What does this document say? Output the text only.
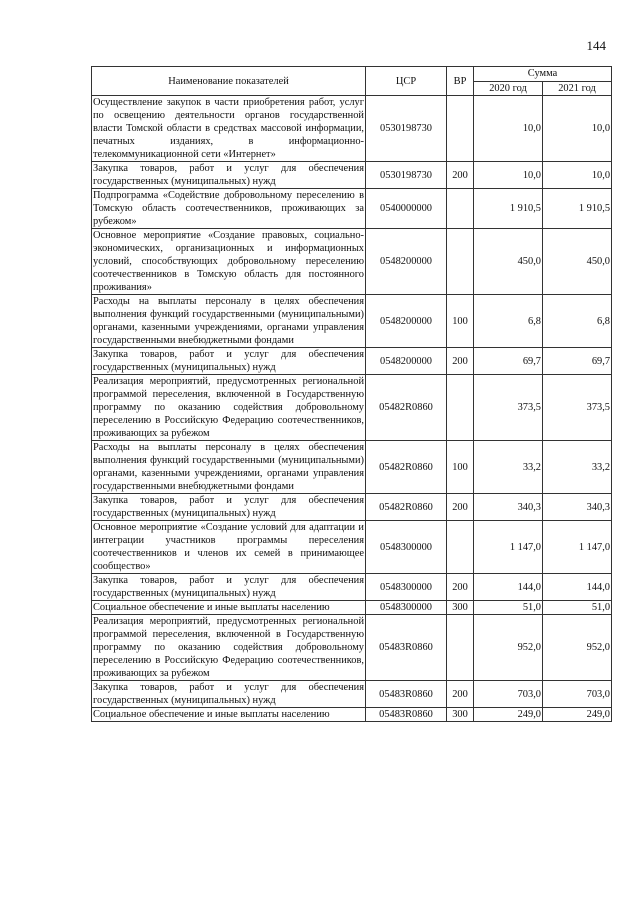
144
Наименование показателей	ЦСР	ВР	Сумма	
			2020 год	2021 год
Осуществление закупок в части приобретения работ, услуг по освещению деятельности органов государственной власти Томской области в средствах массовой информации, печатных изданиях, в информационно-телекоммуникационной сети «Интернет»	0530198730		10,0	10,0
Закупка товаров, работ и услуг для обеспечения государственных (муниципальных) нужд	0530198730	200	10,0	10,0
Подпрограмма «Содействие добровольному переселению в Томскую область соотечественников, проживающих за рубежом»	0540000000		1 910,5	1 910,5
Основное мероприятие «Создание правовых, социально-экономических, организационных и информационных условий, способствующих добровольному переселению соотечественников в Томскую область для постоянного проживания»	0548200000		450,0	450,0
Расходы на выплаты персоналу в целях обеспечения выполнения функций государственными (муниципальными) органами, казенными учреждениями, органами управления государственными внебюджетными фондами	0548200000	100	6,8	6,8
Закупка товаров, работ и услуг для обеспечения государственных (муниципальных) нужд	0548200000	200	69,7	69,7
Реализация мероприятий, предусмотренных региональной программой переселения, включенной в Государственную программу по оказанию содействия добровольному переселению в Российскую Федерацию соотечественников, проживающих за рубежом	05482R0860		373,5	373,5
Расходы на выплаты персоналу в целях обеспечения выполнения функций государственными (муниципальными) органами, казенными учреждениями, органами управления государственными внебюджетными фондами	05482R0860	100	33,2	33,2
Закупка товаров, работ и услуг для обеспечения государственных (муниципальных) нужд	05482R0860	200	340,3	340,3
Основное мероприятие «Создание условий для адаптации и интеграции участников программы переселения соотечественников и членов их семей в принимающее сообщество»	0548300000		1 147,0	1 147,0
Закупка товаров, работ и услуг для обеспечения государственных (муниципальных) нужд	0548300000	200	144,0	144,0
Социальное обеспечение и иные выплаты населению	0548300000	300	51,0	51,0
Реализация мероприятий, предусмотренных региональной программой переселения, включенной в Государственную программу по оказанию содействия добровольному переселению в Российскую Федерацию соотечественников, проживающих за рубежом	05483R0860		952,0	952,0
Закупка товаров, работ и услуг для обеспечения государственных (муниципальных) нужд	05483R0860	200	703,0	703,0
Социальное обеспечение и иные выплаты населению	05483R0860	300	249,0	249,0
